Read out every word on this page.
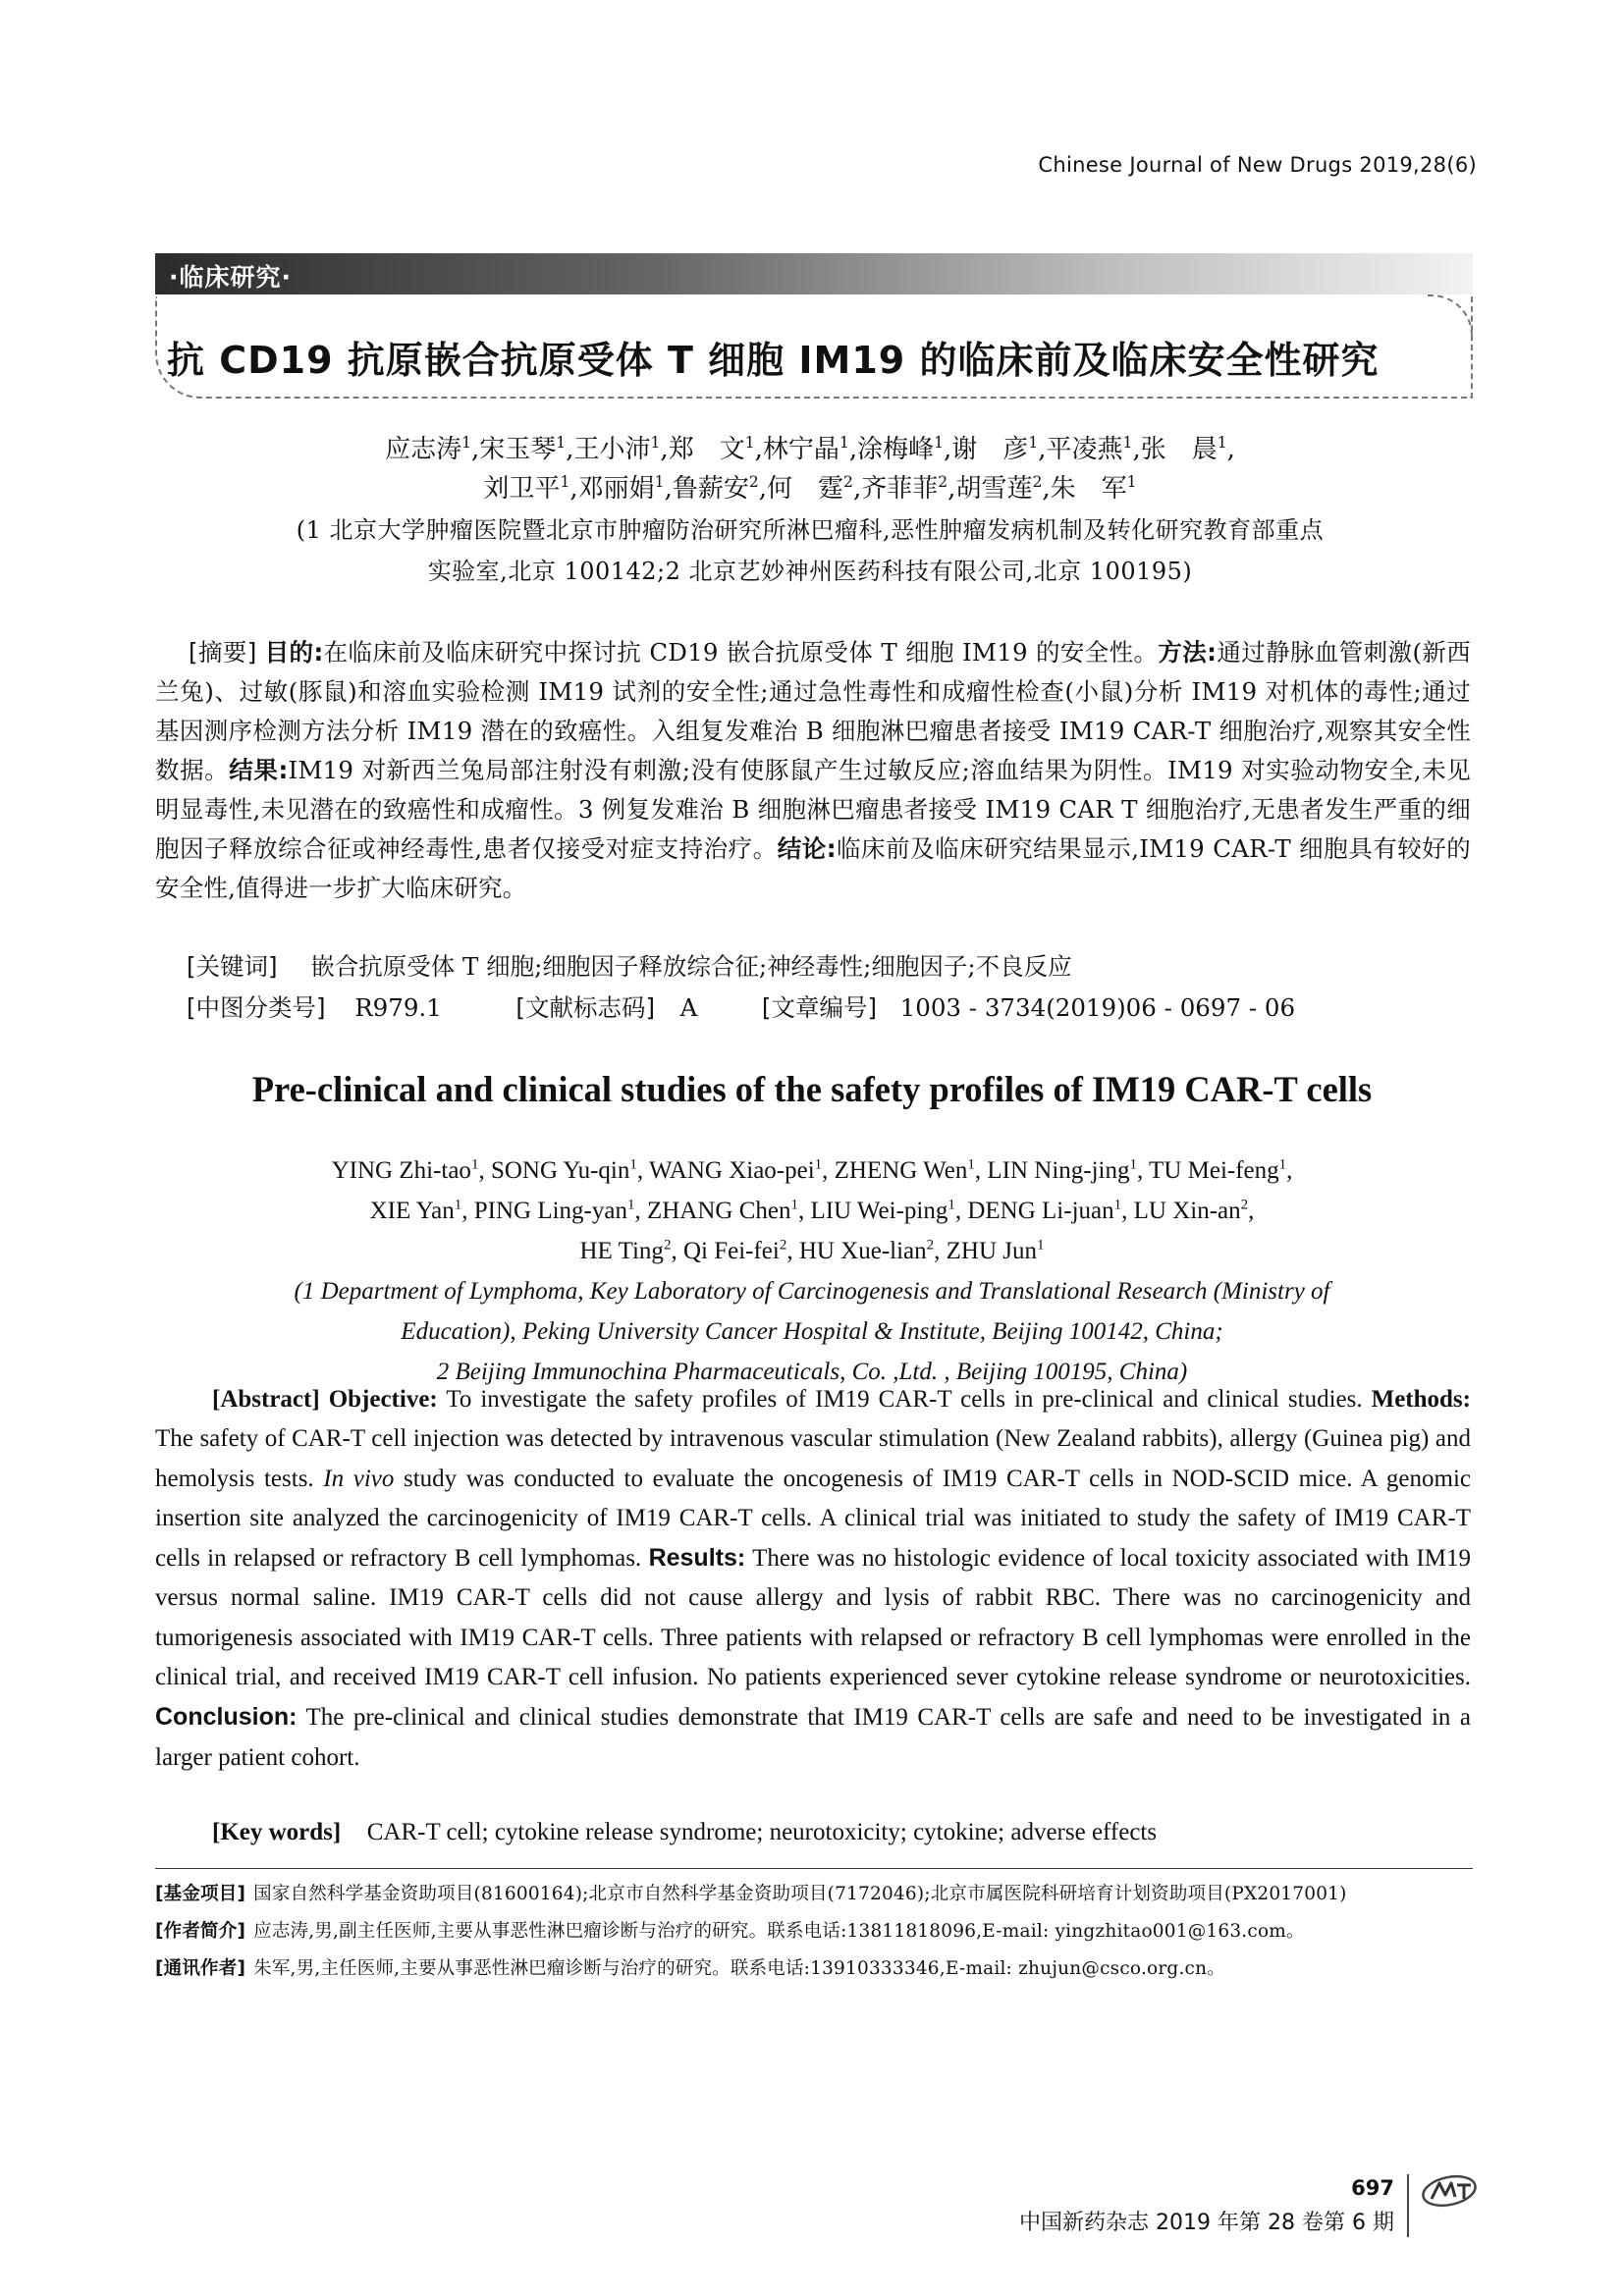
Chinese Journal of New Drugs 2019,28(6)
·临床研究·
抗 CD19 抗原嵌合抗原受体 T 细胞 IM19 的临床前及临床安全性研究
应志涛$^1$,宋玉琴$^1$,王小沛$^1$,郑　文$^1$,林宁晶$^1$,涂梅峰$^1$,谢　彦$^1$,平凌燕$^1$,张　晨$^1$,
刘卫平$^1$,邓丽娟$^1$,鲁薪安$^2$,何　霆$^2$,齐菲菲$^2$,胡雪莲$^2$,朱　军$^1$
(1 北京大学肿瘤医院暨北京市肿瘤防治研究所淋巴瘤科,恶性肿瘤发病机制及转化研究教育部重点
实验室,北京 100142;2 北京艺妙神州医药科技有限公司,北京 100195)
[摘要] 目的:在临床前及临床研究中探讨抗 CD19 嵌合抗原受体 T 细胞 IM19 的安全性。方法:通过静脉血管刺激(新西兰兔)、过敏(豚鼠)和溶血实验检测 IM19 试剂的安全性;通过急性毒性和成瘤性检查(小鼠)分析 IM19 对机体的毒性;通过基因测序检测方法分析 IM19 潜在的致癌性。入组复发难治 B 细胞淋巴瘤患者接受 IM19 CAR-T 细胞治疗,观察其安全性数据。结果:IM19 对新西兰兔局部注射没有刺激;没有使豚鼠产生过敏反应;溶血结果为阴性。IM19 对实验动物安全,未见明显毒性,未见潜在的致癌性和成瘤性。3 例复发难治 B 细胞淋巴瘤患者接受 IM19 CAR T 细胞治疗,无患者发生严重的细胞因子释放综合征或神经毒性,患者仅接受对症支持治疗。结论:临床前及临床研究结果显示,IM19 CAR-T 细胞具有较好的安全性,值得进一步扩大临床研究。
[关键词] 嵌合抗原受体 T 细胞;细胞因子释放综合征;神经毒性;细胞因子;不良反应
[中图分类号] R979.1	[文献标志码] A	[文章编号] 1003 - 3734(2019)06 - 0697 - 06
Pre-clinical and clinical studies of the safety profiles of IM19 CAR-T cells
YING Zhi-tao$^1$, SONG Yu-qin$^1$, WANG Xiao-pei$^1$, ZHENG Wen$^1$, LIN Ning-jing$^1$, TU Mei-feng$^1$,
XIE Yan$^1$, PING Ling-yan$^1$, ZHANG Chen$^1$, LIU Wei-ping$^1$, DENG Li-juan$^1$, LU Xin-$an^2$,
HE Ting$^2$, Qi Fei-fei$^2$, HU Xue-lian$^2$, ZHU Jun$^1$
(1 Department of Lymphoma, Key Laboratory of Carcinogenesis and Translational Research (Ministry of
Education), Peking University Cancer Hospital & Institute, Beijing 100142, China;
2 Beijing Immunochina Pharmaceuticals, Co. ,Ltd. , Beijing 100195, China)
[Abstract] Objective: To investigate the safety profiles of IM19 CAR-T cells in pre-clinical and clinical studies. Methods: The safety of CAR-T cell injection was detected by intravenous vascular stimulation (New Zealand rabbits), allergy (Guinea pig) and hemolysis tests. In vivo study was conducted to evaluate the oncogenesis of IM19 CAR-T cells in NOD-SCID mice. A genomic insertion site analyzed the carcinogenicity of IM19 CAR-T cells. A clinical trial was initiated to study the safety of IM19 CAR-T cells in relapsed or refractory B cell lymphomas. Results: There was no histologic evidence of local toxicity associated with IM19 versus normal saline. IM19 CAR-T cells did not cause allergy and lysis of rabbit RBC. There was no carcinogenicity and tumorigenesis associated with IM19 CAR-T cells. Three patients with relapsed or refractory B cell lymphomas were enrolled in the clinical trial, and received IM19 CAR-T cell infusion. No patients experienced sever cytokine release syndrome or neurotoxicities. Conclusion: The pre-clinical and clinical studies demonstrate that IM19 CAR-T cells are safe and need to be investigated in a larger patient cohort.
[Key words] CAR-T cell; cytokine release syndrome; neurotoxicity; cytokine; adverse effects
[基金项目] 国家自然科学基金资助项目(81600164);北京市自然科学基金资助项目(7172046);北京市属医院科研培育计划资助项目(PX2017001)
[作者简介] 应志涛,男,副主任医师,主要从事恶性淋巴瘤诊断与治疗的研究。联系电话:13811818096,E-mail: yingzhitao001@163.com。
[通讯作者] 朱军,男,主任医师,主要从事恶性淋巴瘤诊断与治疗的研究。联系电话:13910333346,E-mail: zhujun@csco.org.cn。
697
中国新药杂志 2019 年第 28 卷第 6 期
